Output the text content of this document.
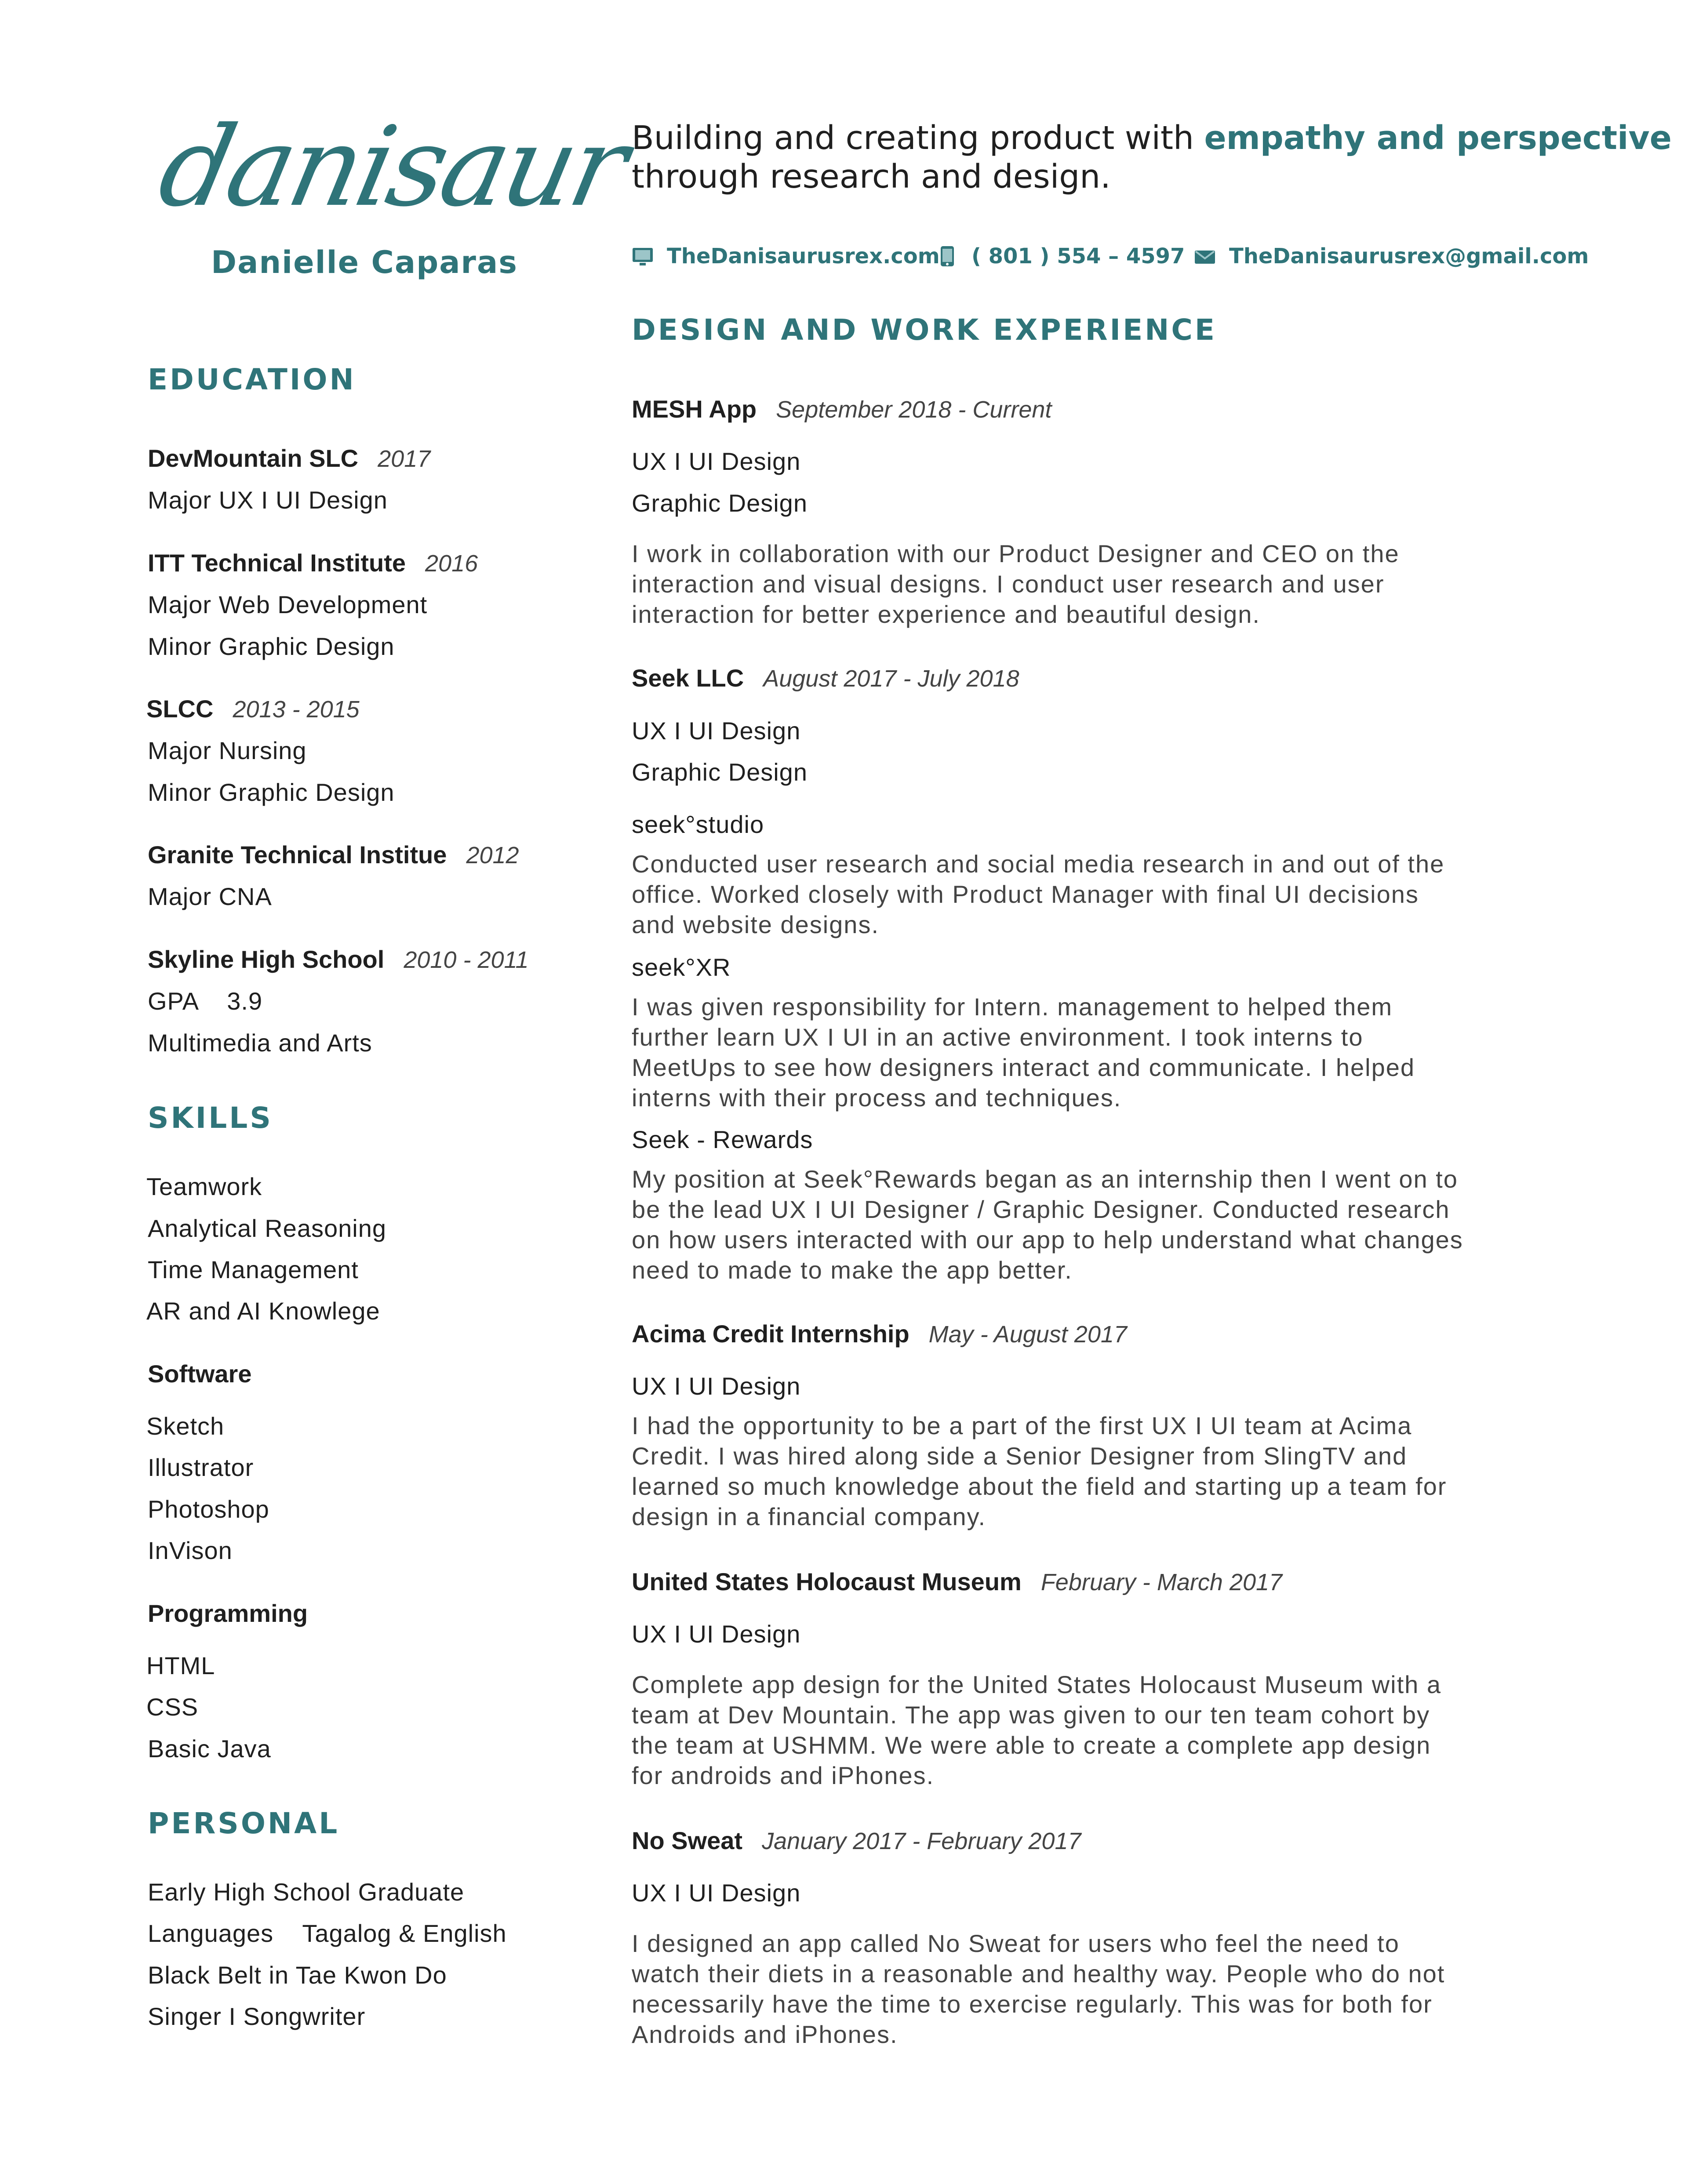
danisaur
Danielle Caparas
EDUCATION
DevMountain SLC 2017
Major UX I UI Design
ITT Technical Institute 2016
Major Web Development
Minor Graphic Design
SLCC 2013 - 2015
Major Nursing
Minor Graphic Design
Granite Technical Institue 2012
Major CNA
Skyline High School 2010 - 2011
GPA    3.9
Multimedia and Arts
SKILLS
Teamwork
Analytical Reasoning
Time Management
AR and AI Knowlege
Software
Sketch
Illustrator
Photoshop
InVison
Programming
HTML
CSS
Basic Java
PERSONAL
Early High School Graduate
Languages    Tagalog & English
Black Belt in Tae Kwon Do
Singer I Songwriter
Building and creating product with empathy and perspective
through research and design.
TheDanisaurusrex.com ( 801 ) 554 – 4597 TheDanisaurusrex@gmail.com
DESIGN AND WORK EXPERIENCE
MESH App September 2018 - Current
UX I UI Design
Graphic Design
I work in collaboration with our Product Designer and CEO on the interaction and visual designs. I conduct user research and user interaction for better experience and beautiful design.
Seek LLC August 2017 - July 2018
UX I UI Design
Graphic Design
seek°studio
Conducted user research and social media research in and out of the office. Worked closely with Product Manager with final UI decisions and website designs.
seek°XR
I was given responsibility for Intern. management to helped them further learn UX I UI in an active environment. I took interns to MeetUps to see how designers interact and communicate. I helped interns with their process and techniques.
Seek - Rewards
My position at Seek°Rewards began as an internship then I went on to be the lead UX I UI Designer / Graphic Designer. Conducted research on how users interacted with our app to help understand what changes need to made to make the app better.
Acima Credit Internship May - August 2017
UX I UI Design
I had the opportunity to be a part of the first UX I UI team at Acima Credit. I was hired along side a Senior Designer from SlingTV and learned so much knowledge about the field and starting up a team for design in a financial company.
United States Holocaust Museum February - March 2017
UX I UI Design
Complete app design for the United States Holocaust Museum with a team at Dev Mountain. The app was given to our ten team cohort by the team at USHMM. We were able to create a complete app design for androids and iPhones.
No Sweat January 2017 - February 2017
UX I UI Design
I designed an app called No Sweat for users who feel the need to watch their diets in a reasonable and healthy way. People who do not necessarily have the time to exercise regularly. This was for both for Androids and iPhones.
